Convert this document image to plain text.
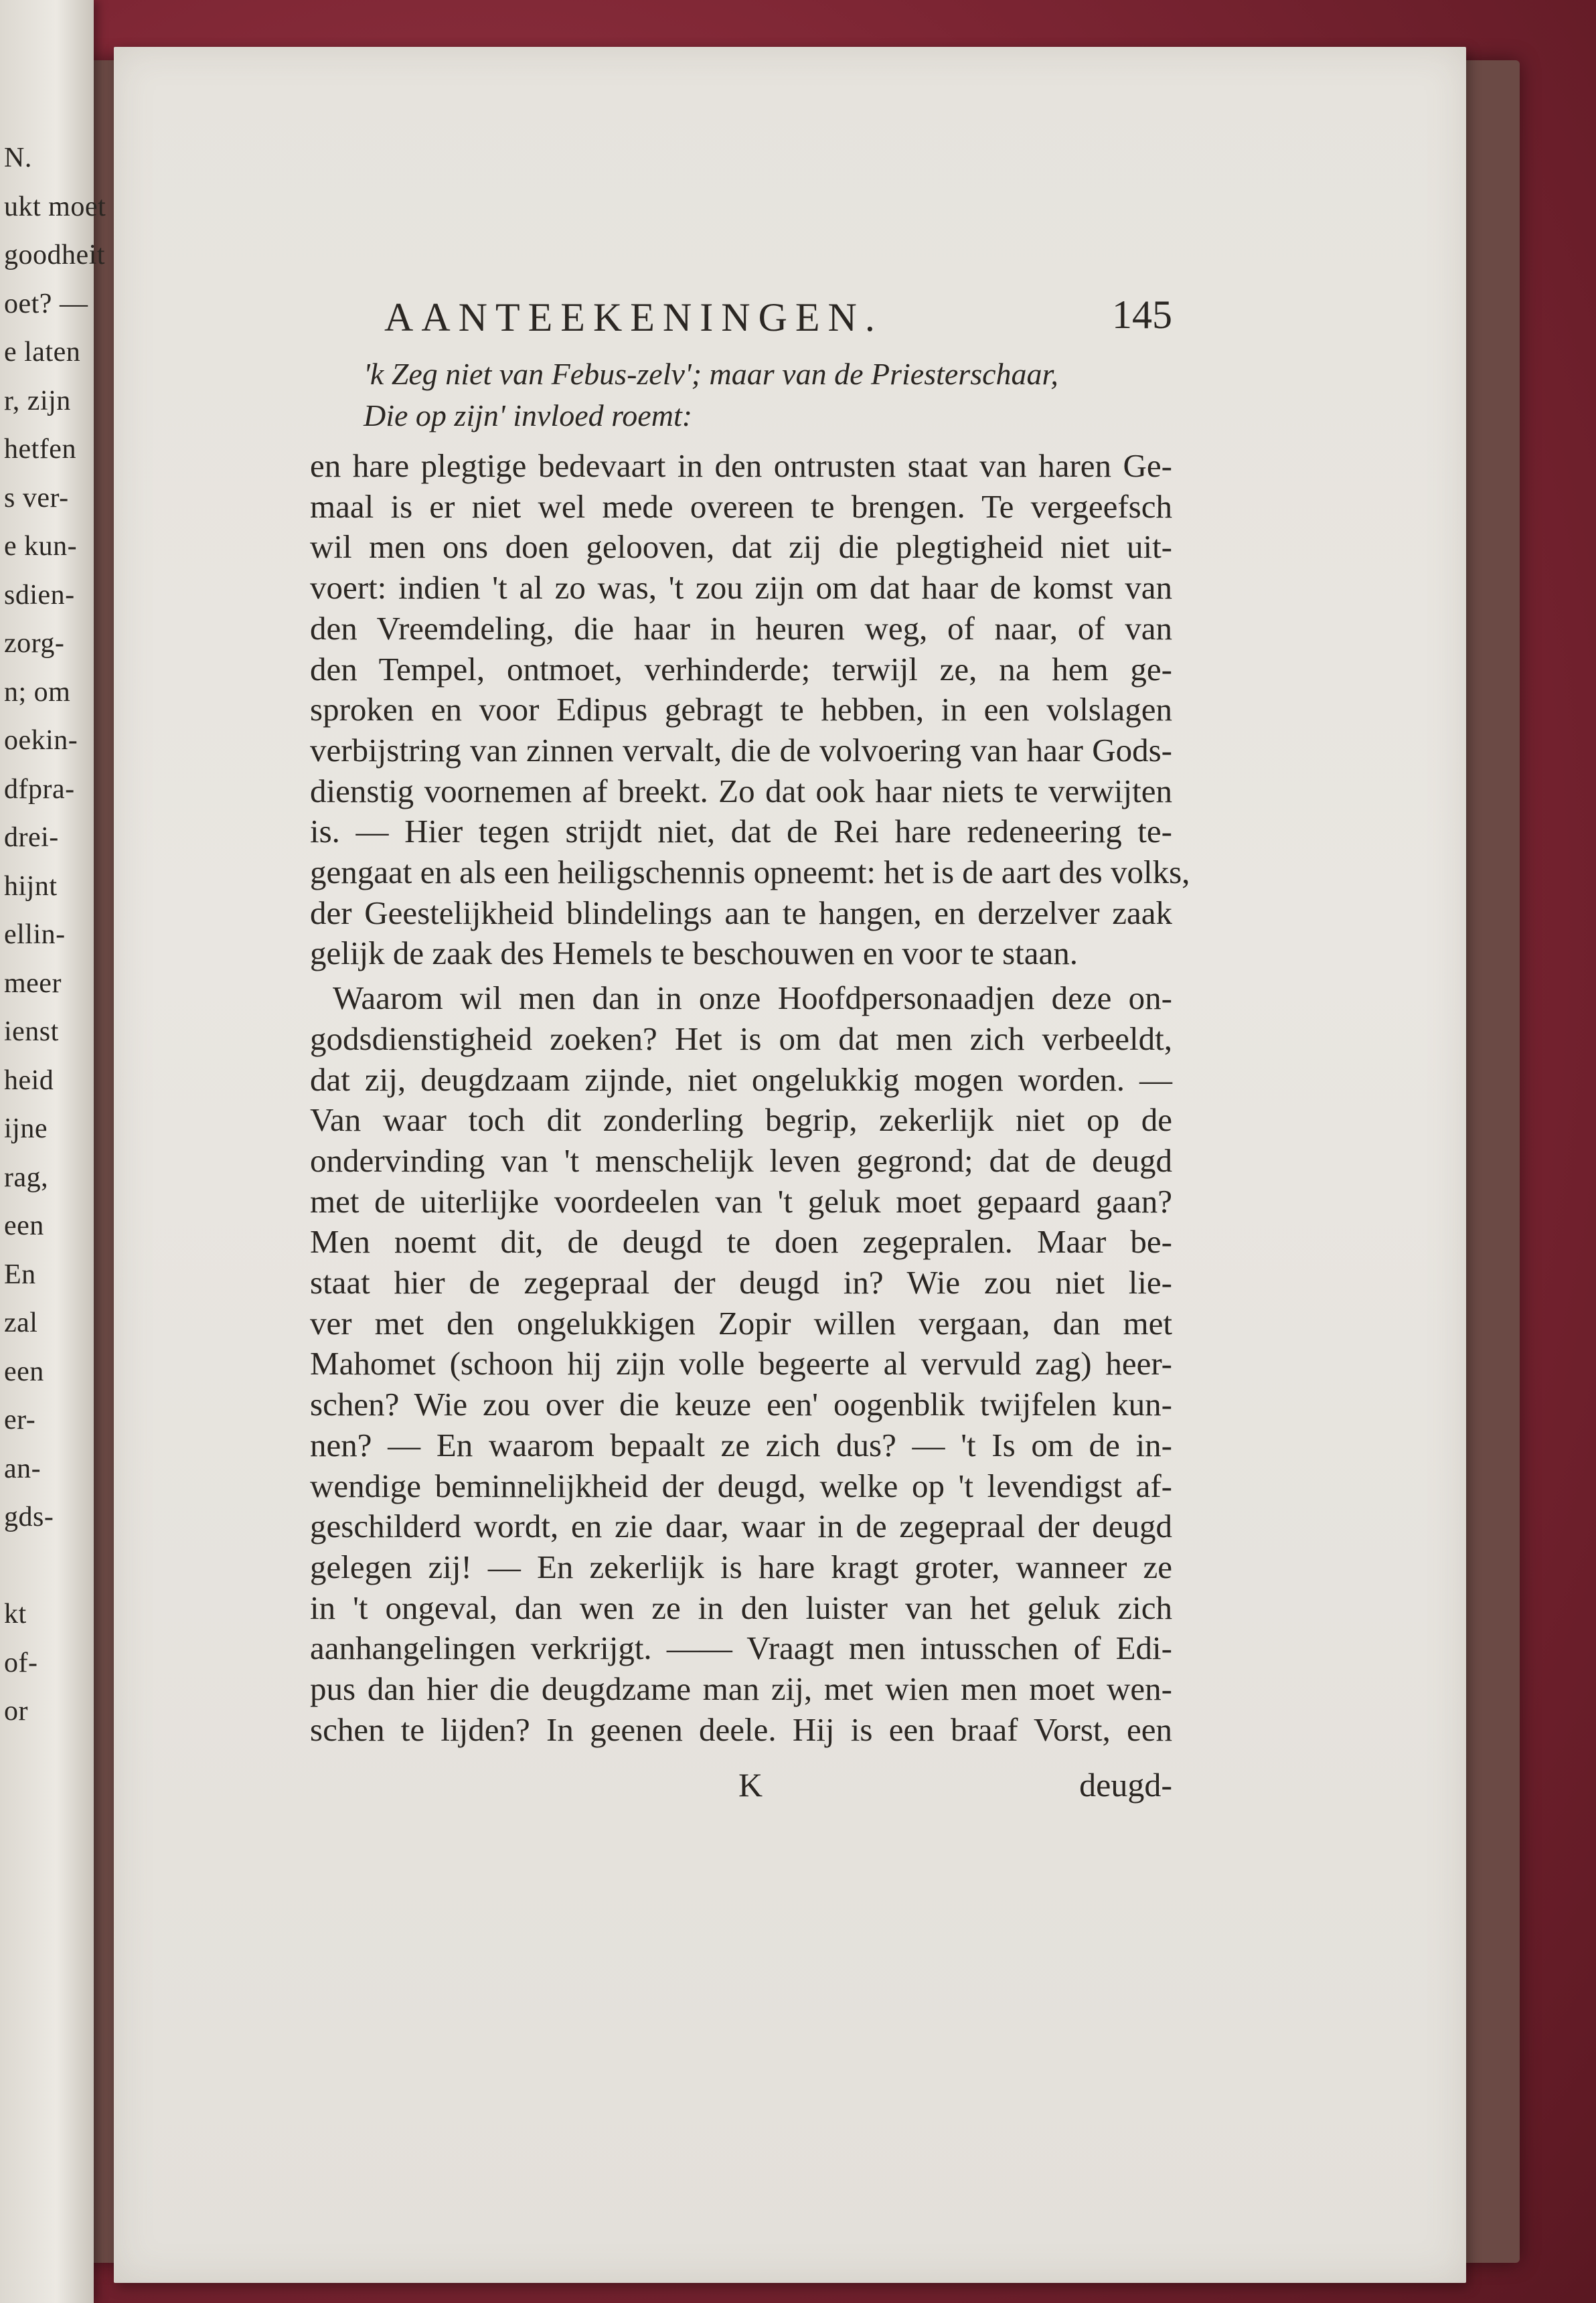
N.
ukt moet
goodheit
oet? —
e laten
r, zijn
hetfen
s ver-
e kun-
sdien-
zorg-
n; om
oekin-
dfpra-
drei-
hijnt
ellin-
meer
ienst
heid
ijne
rag,
een
En
zal
een
er-
an-
gds-

kt
of-
or
AANTEEKENINGEN.	145
'k Zeg niet van Febus-zelv'; maar van de Priesterschaar,
Die op zijn' invloed roemt:
en hare plegtige bedevaart in den ontrusten staat van haren Ge-
maal is er niet wel mede overeen te brengen. Te vergeefsch
wil men ons doen gelooven, dat zij die plegtigheid niet uit-
voert: indien 't al zo was, 't zou zijn om dat haar de komst van
den Vreemdeling, die haar in heuren weg, of naar, of van
den Tempel, ontmoet, verhinderde; terwijl ze, na hem ge-
sproken en voor Edipus gebragt te hebben, in een volslagen
verbijstring van zinnen vervalt, die de volvoering van haar Gods-
dienstig voornemen af breekt. Zo dat ook haar niets te verwijten
is. — Hier tegen strijdt niet, dat de Rei hare redeneering te-
gengaat en als een heiligschennis opneemt: het is de aart des volks,
der Geestelijkheid blindelings aan te hangen, en derzelver zaak
gelijk de zaak des Hemels te beschouwen en voor te staan.
Waarom wil men dan in onze Hoofdpersonaadjen deze on-
godsdienstigheid zoeken? Het is om dat men zich verbeeldt,
dat zij, deugdzaam zijnde, niet ongelukkig mogen worden. —
Van waar toch dit zonderling begrip, zekerlijk niet op de
ondervinding van 't menschelijk leven gegrond; dat de deugd
met de uiterlijke voordeelen van 't geluk moet gepaard gaan?
Men noemt dit, de deugd te doen zegepralen. Maar be-
staat hier de zegepraal der deugd in? Wie zou niet lie-
ver met den ongelukkigen Zopir willen vergaan, dan met
Mahomet (schoon hij zijn volle begeerte al vervuld zag) heer-
schen? Wie zou over die keuze een' oogenblik twijfelen kun-
nen? — En waarom bepaalt ze zich dus? — 't Is om de in-
wendige beminnelijkheid der deugd, welke op 't levendigst af-
geschilderd wordt, en zie daar, waar in de zegepraal der deugd
gelegen zij! — En zekerlijk is hare kragt groter, wanneer ze
in 't ongeval, dan wen ze in den luister van het geluk zich
aanhangelingen verkrijgt. —— Vraagt men intusschen of Edi-
pus dan hier die deugdzame man zij, met wien men moet wen-
schen te lijden? In geenen deele. Hij is een braaf Vorst, een
K	deugd-
